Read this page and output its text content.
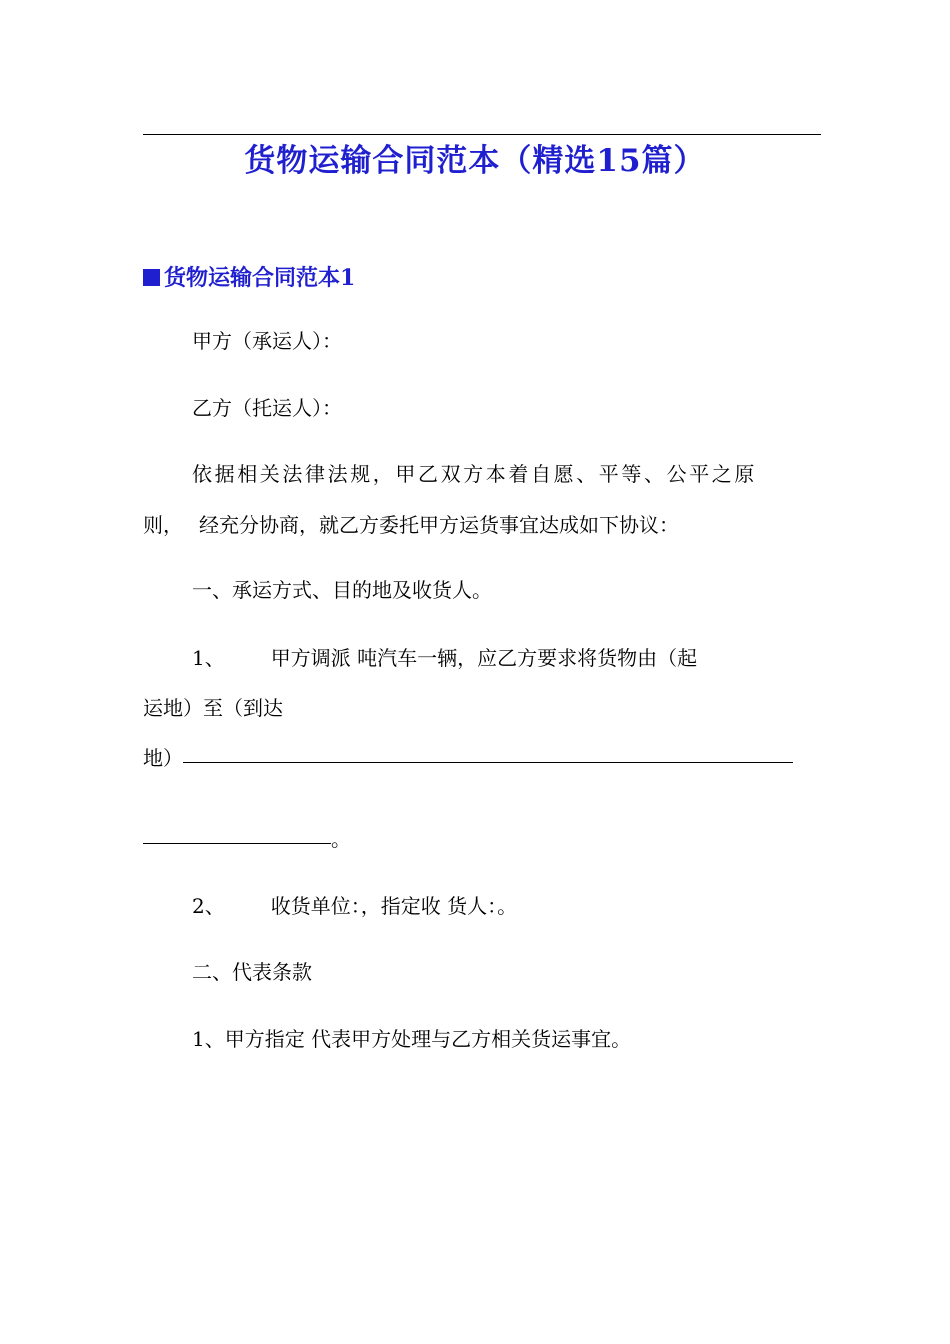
货物运输合同范本（精选15篇）
货物运输合同范本1
甲方（承运人）：
乙方（托运人）：
依据相关法律法规，甲乙双方本着自愿、平等、公平之原
则， 经充分协商，就乙方委托甲方运货事宜达成如下协议：
一、承运方式、目的地及收货人。
1、 甲方调派 吨汽车一辆，应乙方要求将货物由（起
运地）至（到达
地）
。
2、 收货单位：，指定收 货人：。
二、代表条款
1、甲方指定 代表甲方处理与乙方相关货运事宜。
